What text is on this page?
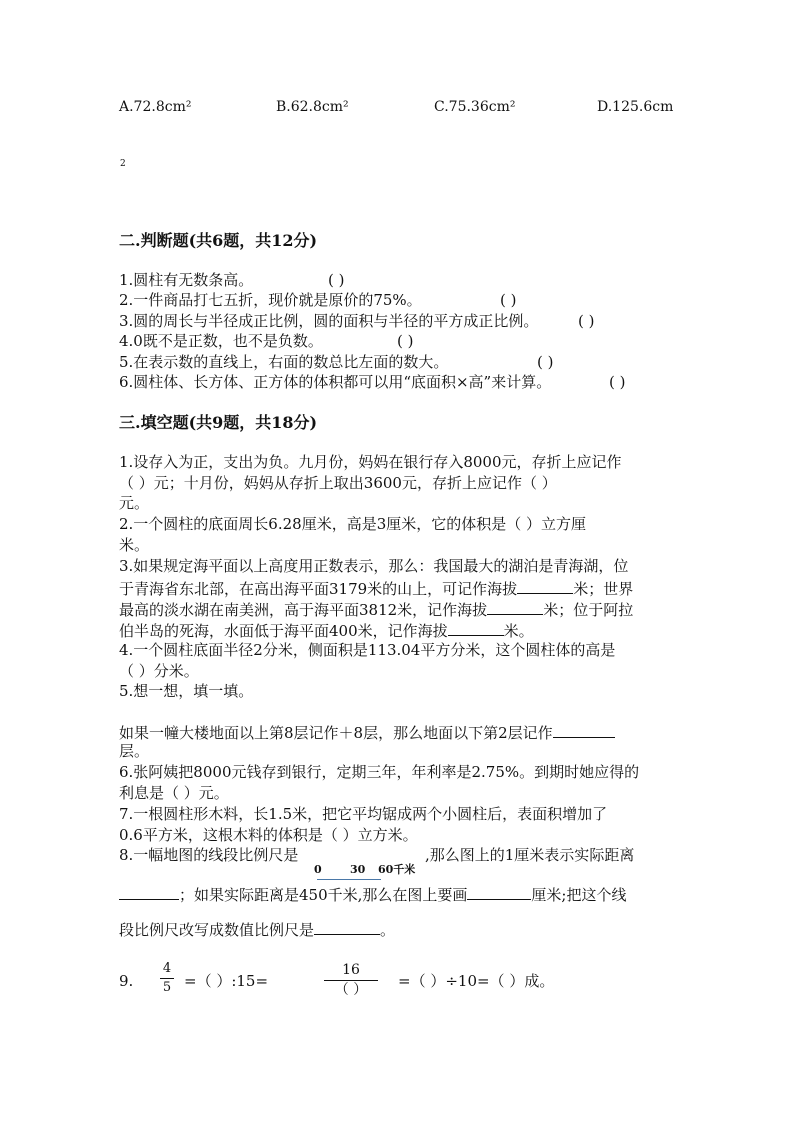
A.72.8cm²	B.62.8cm²	C.75.36cm²	D.125.6cm
2
二.判断题(共6题，共12分)
1.圆柱有无数条高。	( )
2.一件商品打七五折，现价就是原价的75%。	( )
3.圆的周长与半径成正比例，圆的面积与半径的平方成正比例。	( )
4.0既不是正数，也不是负数。	( )
5.在表示数的直线上，右面的数总比左面的数大。	( )
6.圆柱体、长方体、正方体的体积都可以用“底面积×高”来计算。	( )
三.填空题(共9题，共18分)
1.设存入为正，支出为负。九月份，妈妈在银行存入8000元，存折上应记作
（ ）元；十月份，妈妈从存折上取出3600元，存折上应记作（ ）
元。
2.一个圆柱的底面周长6.28厘米，高是3厘米，它的体积是（ ）立方厘
米。
3.如果规定海平面以上高度用正数表示，那么：我国最大的湖泊是青海湖，位
于青海省东北部，在高出海平面3179米的山上，可记作海拔	米；世界
最高的淡水湖在南美洲，高于海平面3812米，记作海拔	米；位于阿拉
伯半岛的死海，水面低于海平面400米，记作海拔	米。
4.一个圆柱底面半径2分米，侧面积是113.04平方分米，这个圆柱体的高是
（ ）分米。
5.想一想，填一填。
如果一幢大楼地面以上第8层记作＋8层，那么地面以下第2层记作
层。
6.张阿姨把8000元钱存到银行，定期三年，年利率是2.75%。到期时她应得的
利息是（ ）元。
7.一根圆柱形木料，长1.5米，把它平均锯成两个小圆柱后，表面积增加了
0.6平方米，这根木料的体积是（ ）立方米。
8.一幅地图的线段比例尺是	,那么图上的1厘米表示实际距离
0	30 60千米
；如果实际距离是450千米,那么在图上要画	厘米;把这个线
段比例尺改写成数值比例尺是	。
9.
4
5 =（ ）:15=
16
（ ）	=（ ）÷10=（ ）成。
